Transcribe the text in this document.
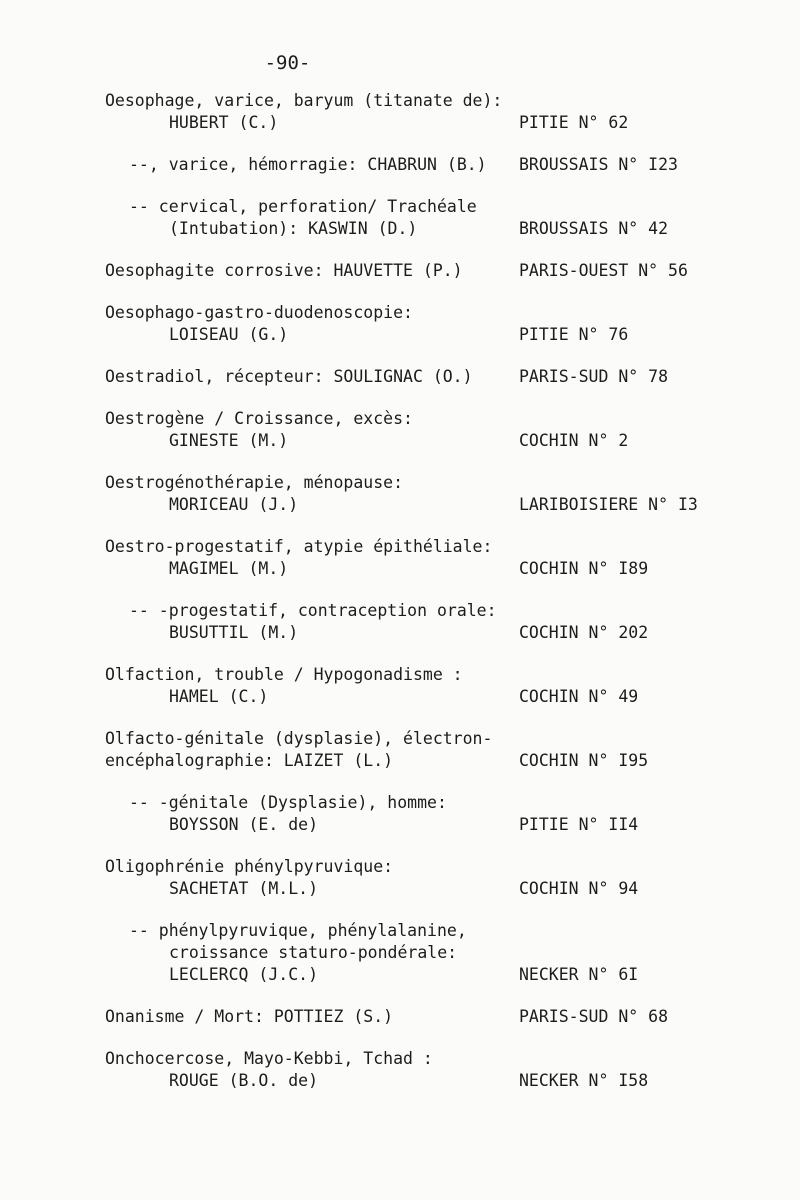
-90-
Oesophage, varice, baryum (titanate de):
HUBERT (C.)	PITIE N° 62
--, varice, hémorragie: CHABRUN (B.) BROUSSAIS N° I23
-- cervical, perforation/ Trachéale
(Intubation): KASWIN (D.)	BROUSSAIS N° 42
Oesophagite corrosive: HAUVETTE (P.)	PARIS-OUEST N° 56
Oesophago-gastro-duodenoscopie:
LOISEAU (G.)	PITIE N° 76
Oestradiol, récepteur: SOULIGNAC (O.)	PARIS-SUD N° 78
Oestrogène / Croissance, excès:
GINESTE (M.)	COCHIN N° 2
Oestrogénothérapie, ménopause:
MORICEAU (J.)	LARIBOISIERE N° I3
Oestro-progestatif, atypie épithéliale:
MAGIMEL (M.)	COCHIN N° I89
-- -progestatif, contraception orale:
BUSUTTIL (M.)	COCHIN N° 202
Olfaction, trouble / Hypogonadisme :
HAMEL (C.)	COCHIN N° 49
Olfacto-génitale (dysplasie), électron-
encéphalographie: LAIZET (L.)	COCHIN N° I95
-- -génitale (Dysplasie), homme:
BOYSSON (E. de)	PITIE N° II4
Oligophrénie phénylpyruvique:
SACHETAT (M.L.)	COCHIN N° 94
-- phénylpyruvique, phénylalanine,
croissance staturo-pondérale:
LECLERCQ (J.C.)	NECKER N° 6I
Onanisme / Mort: POTTIEZ (S.)	PARIS-SUD N° 68
Onchocercose, Mayo-Kebbi, Tchad :
ROUGE (B.O. de)	NECKER N° I58
